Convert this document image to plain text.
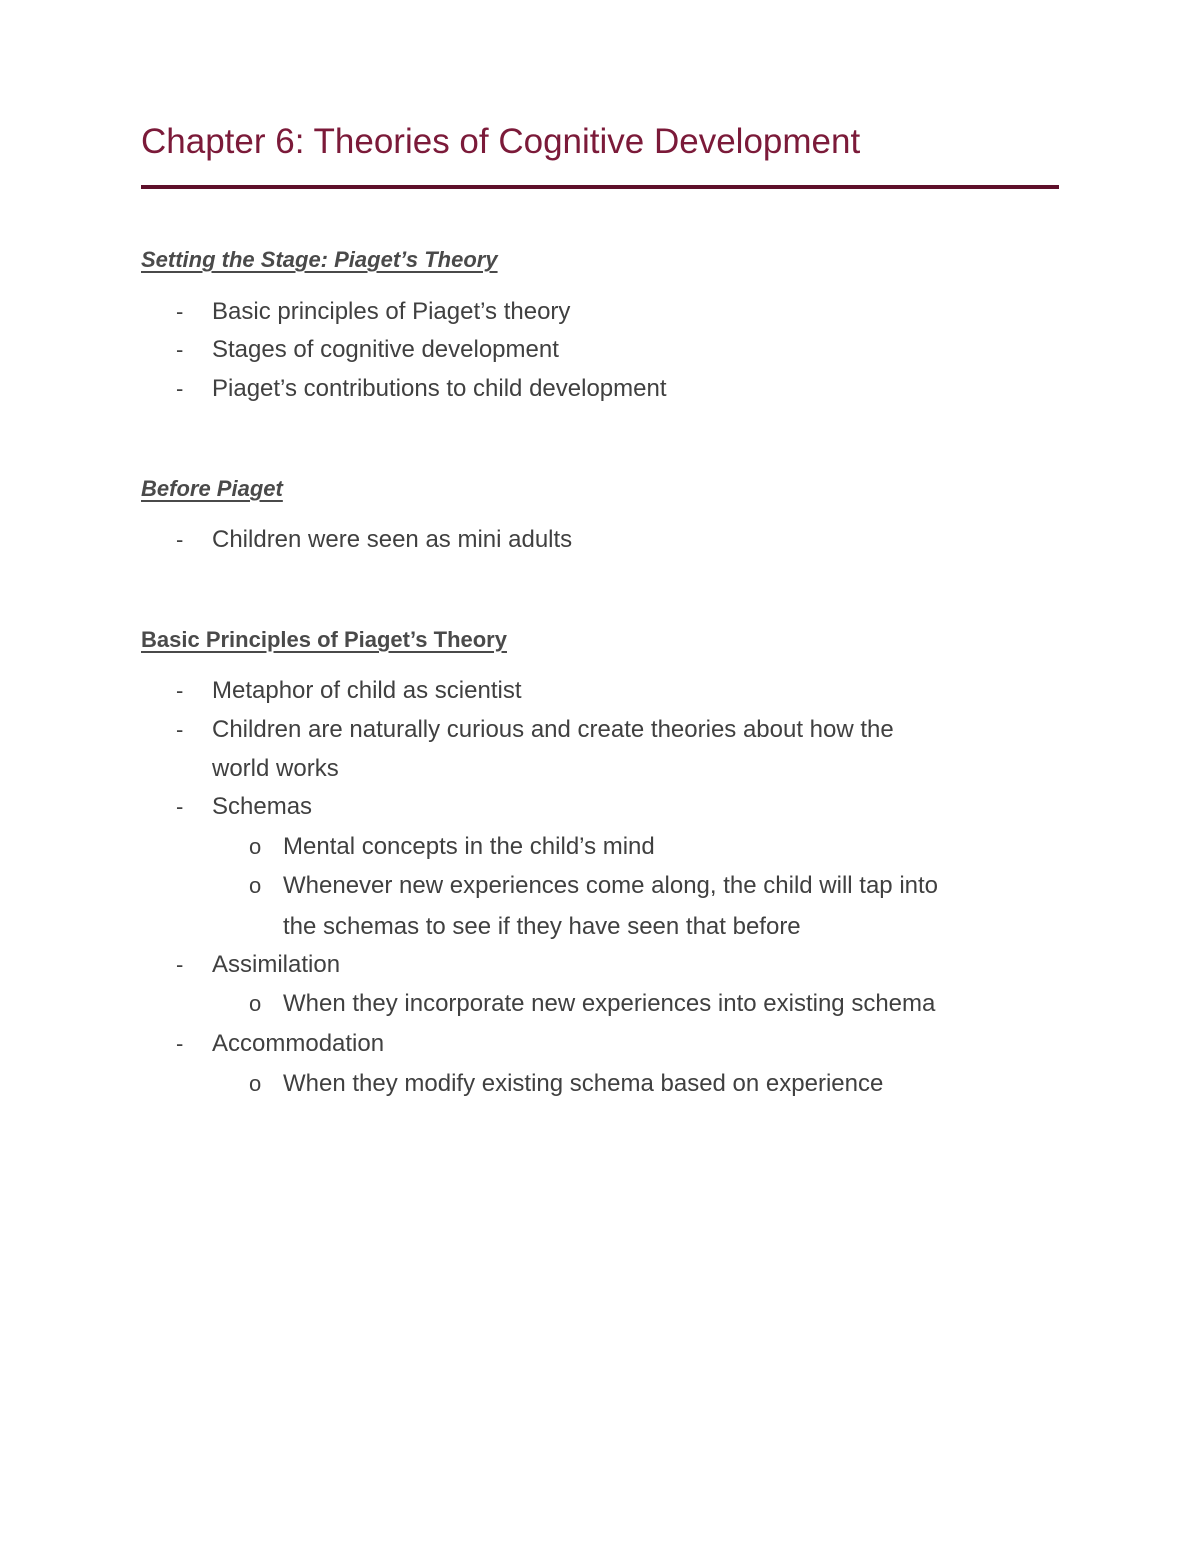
Chapter 6: Theories of Cognitive Development
Setting the Stage: Piaget’s Theory
- Basic principles of Piaget’s theory
- Stages of cognitive development
- Piaget’s contributions to child development
Before Piaget
- Children were seen as mini adults
Basic Principles of Piaget’s Theory
- Metaphor of child as scientist
- Children are naturally curious and create theories about how the
world works
- Schemas
o Mental concepts in the child’s mind
o Whenever new experiences come along, the child will tap into
the schemas to see if they have seen that before
- Assimilation
o When they incorporate new experiences into existing schema
- Accommodation
o When they modify existing schema based on experience
